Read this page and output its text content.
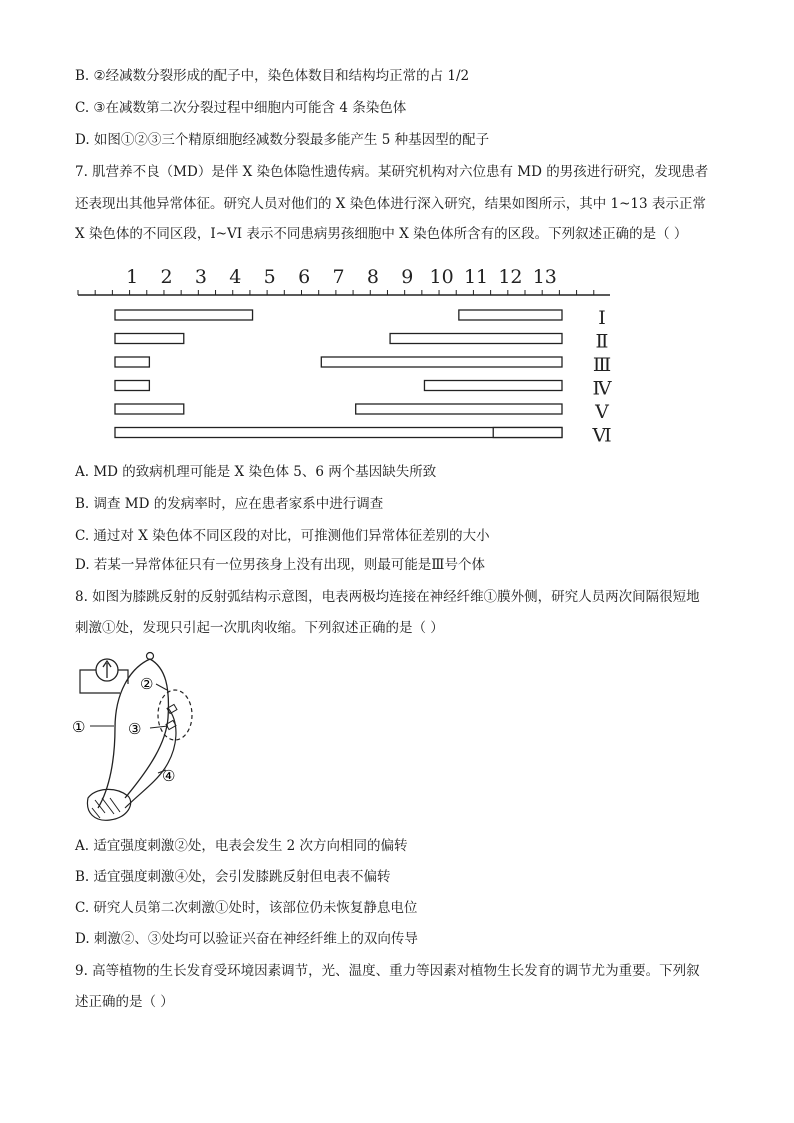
B. ②经减数分裂形成的配子中，染色体数目和结构均正常的占 1/2
C. ③在减数第二次分裂过程中细胞内可能含 4 条染色体
D. 如图①②③三个精原细胞经减数分裂最多能产生 5 种基因型的配子
7. 肌营养不良（MD）是伴 X 染色体隐性遗传病。某研究机构对六位患有 MD 的男孩进行研究，发现患者
还表现出其他异常体征。研究人员对他们的 X 染色体进行深入研究，结果如图所示，其中 1~13 表示正常
X 染色体的不同区段，I~VI 表示不同患病男孩细胞中 X 染色体所含有的区段。下列叙述正确的是（ ）
1 2 3 4 5 6 7 8 9 10 11 12 13
Ⅰ
Ⅱ
Ⅲ
Ⅳ
Ⅴ
Ⅵ
A. MD 的致病机理可能是 X 染色体 5、6 两个基因缺失所致
B. 调查 MD 的发病率时，应在患者家系中进行调查
C. 通过对 X 染色体不同区段的对比，可推测他们异常体征差别的大小
D. 若某一异常体征只有一位男孩身上没有出现，则最可能是Ⅲ号个体
8. 如图为膝跳反射的反射弧结构示意图，电表两极均连接在神经纤维①膜外侧，研究人员两次间隔很短地
刺激①处，发现只引起一次肌肉收缩。下列叙述正确的是（ ）
①
②
③
④
A. 适宜强度刺激②处，电表会发生 2 次方向相同的偏转
B. 适宜强度刺激④处，会引发膝跳反射但电表不偏转
C. 研究人员第二次刺激①处时，该部位仍未恢复静息电位
D. 刺激②、③处均可以验证兴奋在神经纤维上的双向传导
9. 高等植物的生长发育受环境因素调节，光、温度、重力等因素对植物生长发育的调节尤为重要。下列叙
述正确的是（ ）
